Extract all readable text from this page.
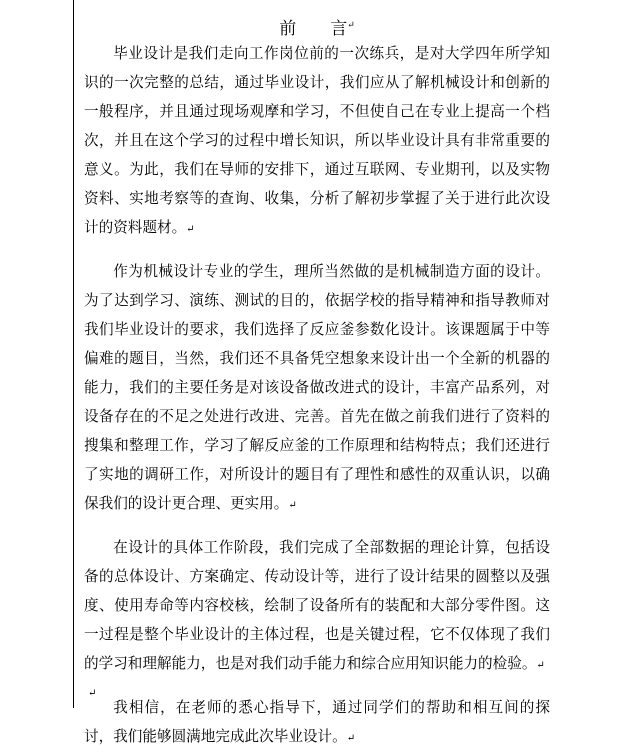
前　　言↵

毕业设计是我们走向工作岗位前的一次练兵，是对大学四年所学知识的一次完整的总结，通过毕业设计，我们应从了解机械设计和创新的一般程序，并且通过现场观摩和学习，不但使自己在专业上提高一个档次，并且在这个学习的过程中增长知识，所以毕业设计具有非常重要的意义。为此，我们在导师的安排下，通过互联网、专业期刊，以及实物资料、实地考察等的查询、收集，分析了解初步掌握了关于进行此次设计的资料题材。↵

作为机械设计专业的学生，理所当然做的是机械制造方面的设计。为了达到学习、演练、测试的目的，依据学校的指导精神和指导教师对我们毕业设计的要求，我们选择了反应釜参数化设计。该课题属于中等偏难的题目，当然，我们还不具备凭空想象来设计出一个全新的机器的能力，我们的主要任务是对该设备做改进式的设计，丰富产品系列，对设备存在的不足之处进行改进、完善。首先在做之前我们进行了资料的搜集和整理工作，学习了解反应釜的工作原理和结构特点；我们还进行了实地的调研工作，对所设计的题目有了理性和感性的双重认识，以确保我们的设计更合理、更实用。↵

在设计的具体工作阶段，我们完成了全部数据的理论计算，包括设备的总体设计、方案确定、传动设计等，进行了设计结果的圆整以及强度、使用寿命等内容校核，绘制了设备所有的装配和大部分零件图。这一过程是整个毕业设计的主体过程，也是关键过程，它不仅体现了我们的学习和理解能力，也是对我们动手能力和综合应用知识能力的检验。↵

我相信，在老师的悉心指导下，通过同学们的帮助和相互间的探讨，我们能够圆满地完成此次毕业设计。↵

↵
